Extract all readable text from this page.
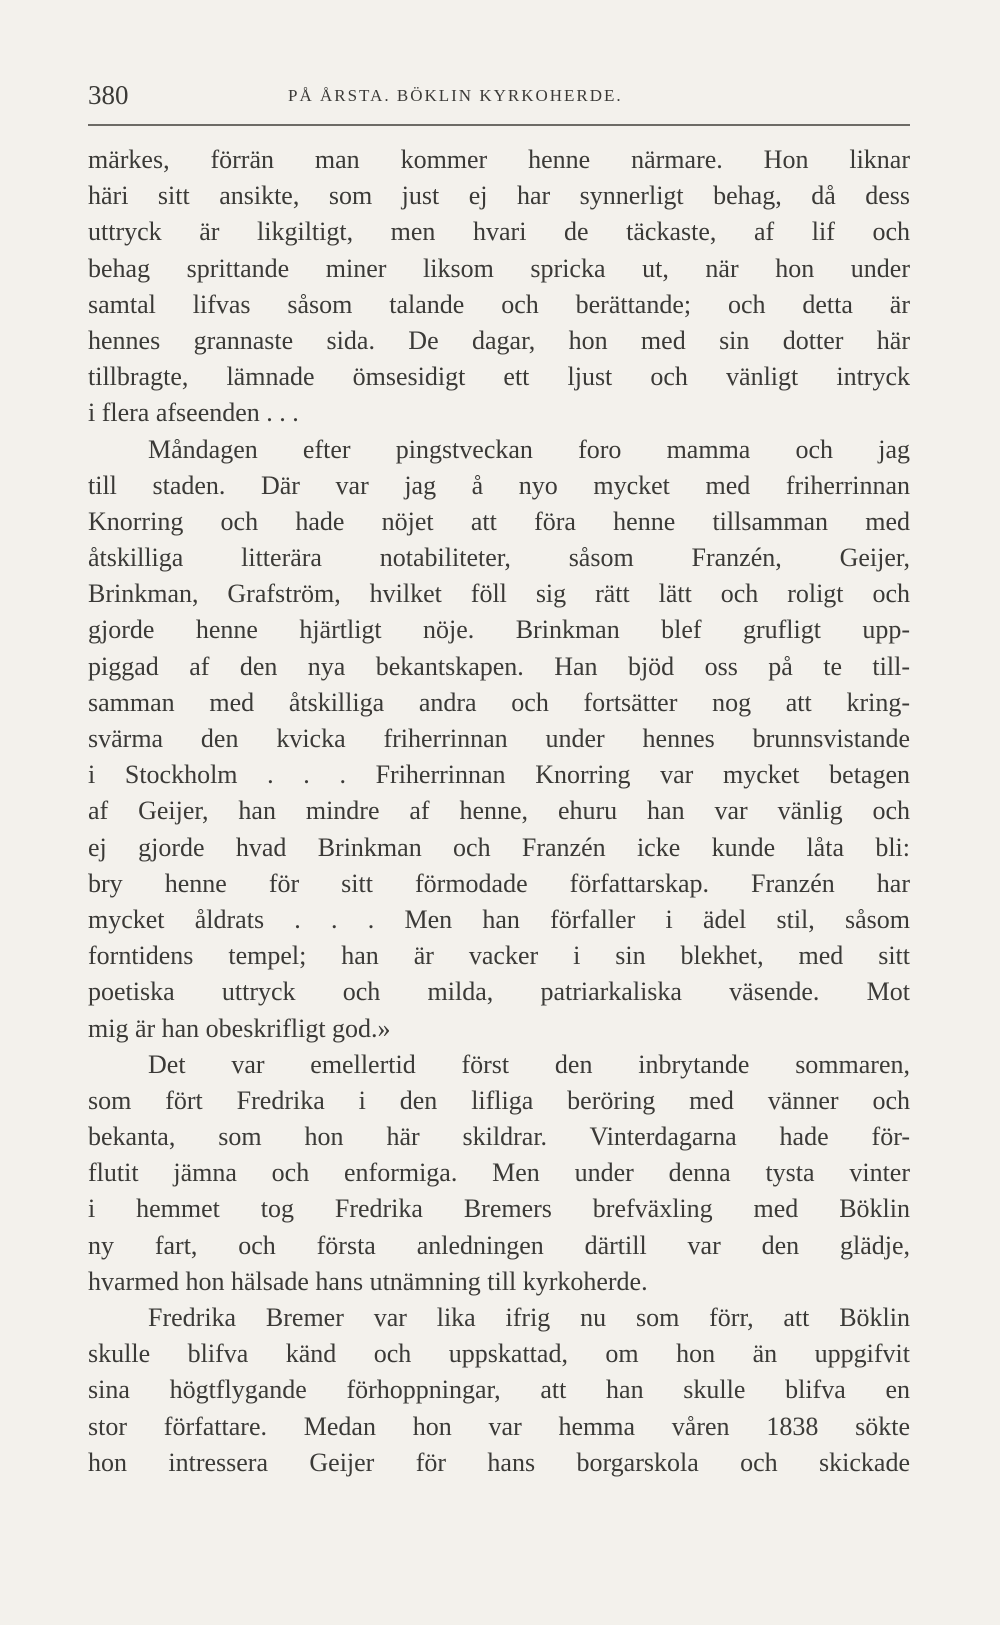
380	PÅ ÅRSTA. BÖKLIN KYRKOHERDE.
märkes, förrän man kommer henne närmare. Hon liknar
häri sitt ansikte, som just ej har synnerligt behag, då dess
uttryck är likgiltigt, men hvari de täckaste, af lif och
behag sprittande miner liksom spricka ut, när hon under
samtal lifvas såsom talande och berättande; och detta är
hennes grannaste sida. De dagar, hon med sin dotter här
tillbragte, lämnade ömsesidigt ett ljust och vänligt intryck
i flera afseenden . . .
Måndagen efter pingstveckan foro mamma och jag
till staden. Där var jag å nyo mycket med friherrinnan
Knorring och hade nöjet att föra henne tillsamman med
åtskilliga litterära notabiliteter, såsom Franzén, Geijer,
Brinkman, Grafström, hvilket föll sig rätt lätt och roligt och
gjorde henne hjärtligt nöje. Brinkman blef grufligt upp-
piggad af den nya bekantskapen. Han bjöd oss på te till-
samman med åtskilliga andra och fortsätter nog att kring-
svärma den kvicka friherrinnan under hennes brunnsvistande
i Stockholm . . . Friherrinnan Knorring var mycket betagen
af Geijer, han mindre af henne, ehuru han var vänlig och
ej gjorde hvad Brinkman och Franzén icke kunde låta bli:
bry henne för sitt förmodade författarskap. Franzén har
mycket åldrats . . . Men han förfaller i ädel stil, såsom
forntidens tempel; han är vacker i sin blekhet, med sitt
poetiska uttryck och milda, patriarkaliska väsende. Mot
mig är han obeskrifligt god.»
Det var emellertid först den inbrytande sommaren,
som fört Fredrika i den lifliga beröring med vänner och
bekanta, som hon här skildrar. Vinterdagarna hade för-
flutit jämna och enformiga. Men under denna tysta vinter
i hemmet tog Fredrika Bremers brefväxling med Böklin
ny fart, och första anledningen därtill var den glädje,
hvarmed hon hälsade hans utnämning till kyrkoherde.
Fredrika Bremer var lika ifrig nu som förr, att Böklin
skulle blifva känd och uppskattad, om hon än uppgifvit
sina högtflygande förhoppningar, att han skulle blifva en
stor författare. Medan hon var hemma våren 1838 sökte
hon intressera Geijer för hans borgarskola och skickade
